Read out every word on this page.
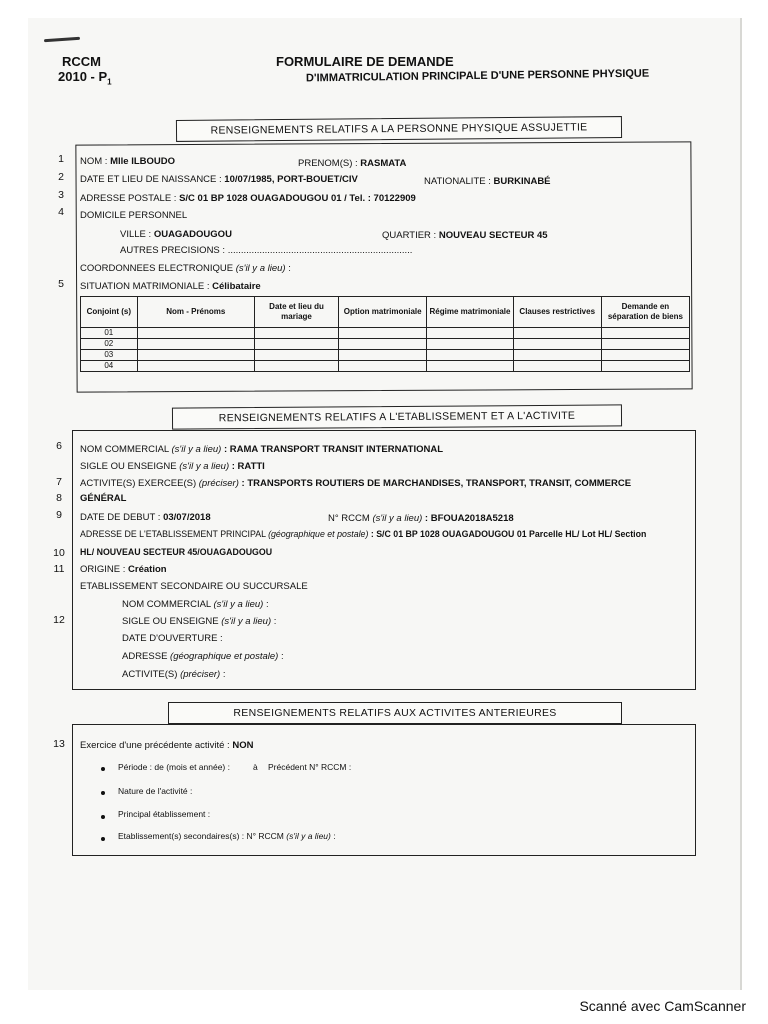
RCCM
$2010 - P_1$
FORMULAIRE DE DEMANDE
D'IMMATRICULATION PRINCIPALE D'UNE PERSONNE PHYSIQUE
RENSEIGNEMENTS RELATIFS A LA PERSONNE PHYSIQUE ASSUJETTIE
1
2
3
4
5
NOM : Mlle ILBOUDO	PRENOM(S) : RASMATA
DATE ET LIEU DE NAISSANCE : 10/07/1985, PORT-BOUET/CIV	NATIONALITE : BURKINABÉ
ADRESSE POSTALE : S/C 01 BP 1028 OUAGADOUGOU 01 / Tel. : 70122909
DOMICILE PERSONNEL
VILLE : OUAGADOUGOU	QUARTIER : NOUVEAU SECTEUR 45
AUTRES PRECISIONS : ......................................................................
COORDONNEES ELECTRONIQUE (s'il y a lieu) :
SITUATION MATRIMONIALE : Célibataire
Conjoint (s)	Nom - Prénoms	Date et lieu du mariage	Option matrimoniale	Régime matrimoniale	Clauses restrictives	Demande en séparation de biens
01						
02						
03						
04						
RENSEIGNEMENTS RELATIFS A L'ETABLISSEMENT ET A L'ACTIVITE
6
7
8
9
10
11
12
NOM COMMERCIAL (s'il y a lieu) : RAMA TRANSPORT TRANSIT INTERNATIONAL
SIGLE OU ENSEIGNE (s'il y a lieu) : RATTI
ACTIVITE(S) EXERCEE(S) (préciser) : TRANSPORTS ROUTIERS DE MARCHANDISES, TRANSPORT, TRANSIT, COMMERCE
GÉNÉRAL
DATE DE DEBUT : 03/07/2018	N° RCCM (s'il y a lieu) : BFOUA2018A5218
ADRESSE DE L'ETABLISSEMENT PRINCIPAL (géographique et postale) : S/C 01 BP 1028 OUAGADOUGOU 01 Parcelle HL/ Lot HL/ Section
HL/ NOUVEAU SECTEUR 45/OUAGADOUGOU
ORIGINE : Création
ETABLISSEMENT SECONDAIRE OU SUCCURSALE
NOM COMMERCIAL (s'il y a lieu) :
SIGLE OU ENSEIGNE (s'il y a lieu) :
DATE D'OUVERTURE :
ADRESSE (géographique et postale) :
ACTIVITE(S) (préciser) :
RENSEIGNEMENTS RELATIFS AUX ACTIVITES ANTERIEURES
13 Exercice d'une précédente activité : NON
Période : de (mois et année) :	à Précédent N° RCCM :
Nature de l'activité :
Principal établissement :
Etablissement(s) secondaires(s) : N° RCCM (s'il y a lieu) :
Scanné avec CamScanner
